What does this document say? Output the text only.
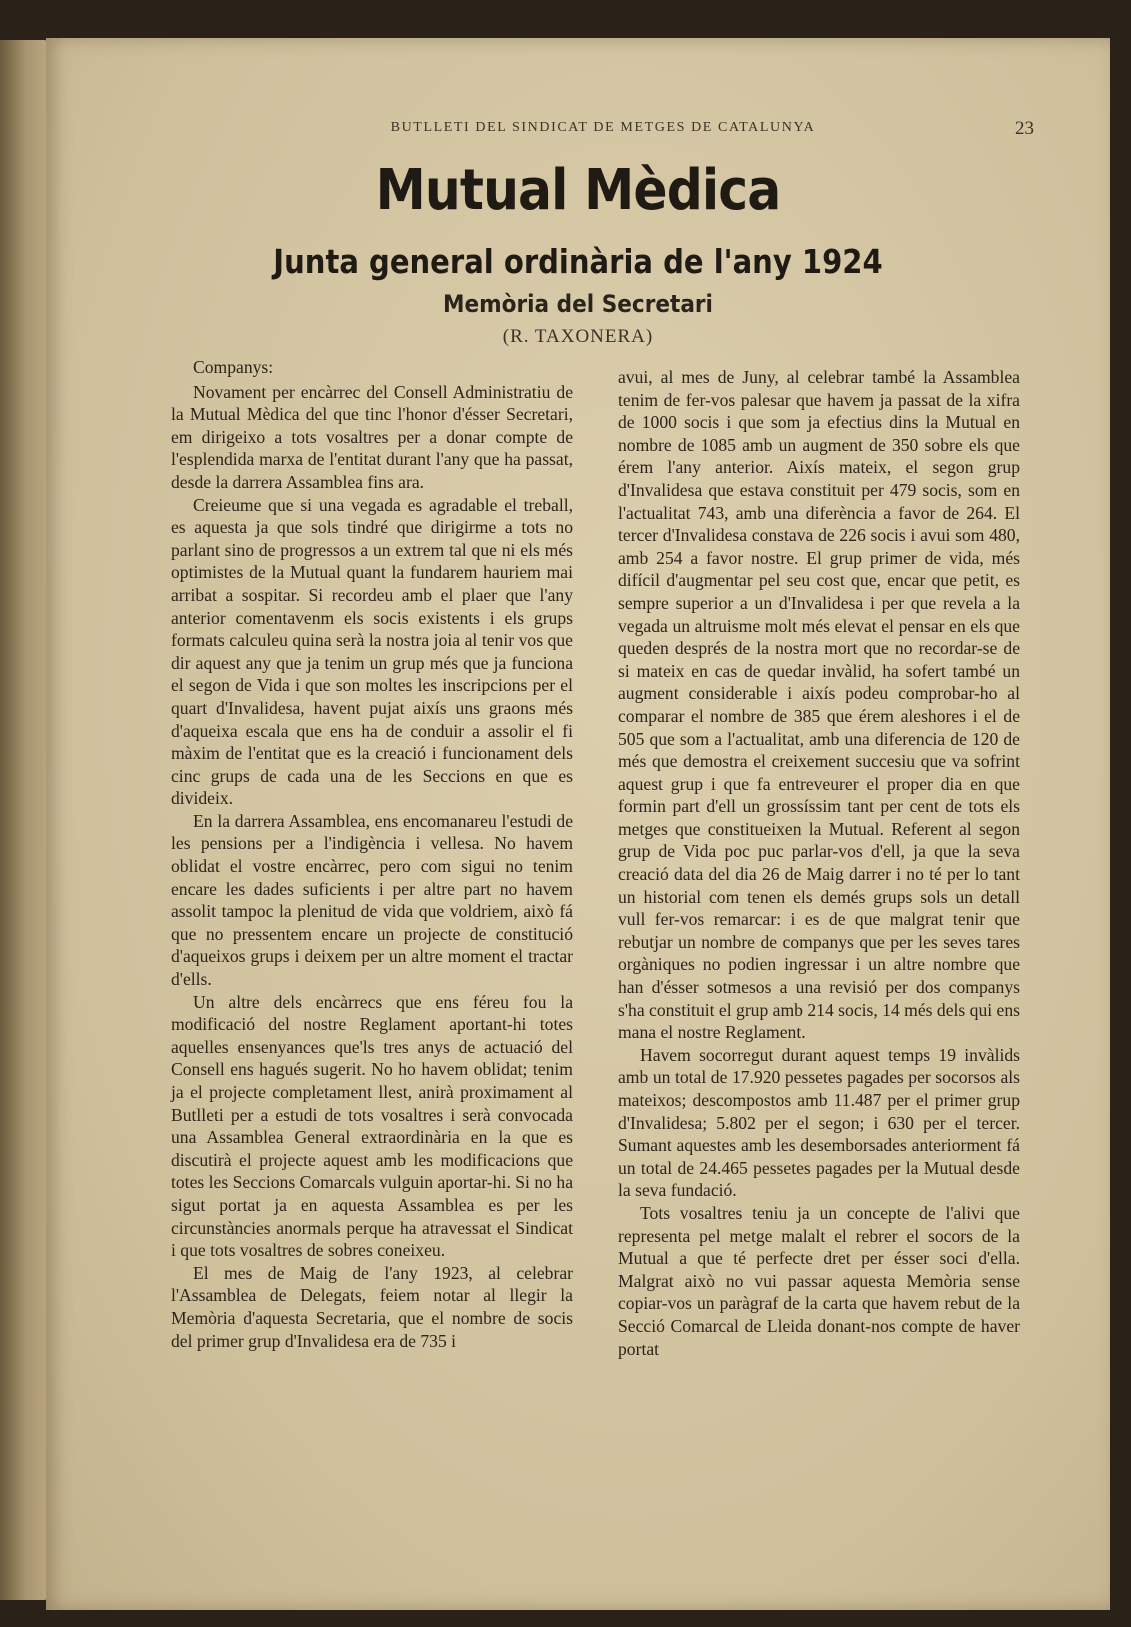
BUTLLETI DEL SINDICAT DE METGES DE CATALUNYA	23
Mutual Mèdica
Junta general ordinària de l'any 1924
Memòria del Secretari
(R. TAXONERA)

Companys:

Novament per encàrrec del Consell Administratiu de la Mutual Mèdica del que tinc l'honor d'ésser Secretari, em dirigeixo a tots vosaltres per a donar compte de l'esplendida marxa de l'entitat durant l'any que ha passat, desde la darrera Assamblea fins ara.

Creieume que si una vegada es agradable el treball, es aquesta ja que sols tindré que dirigirme a tots no parlant sino de progressos a un extrem tal que ni els més optimistes de la Mutual quant la fundarem hauriem mai arribat a sospitar. Si recordeu amb el plaer que l'any anterior comentavenm els socis existents i els grups formats calculeu quina serà la nostra joia al tenir vos que dir aquest any que ja tenim un grup més que ja funciona el segon de Vida i que son moltes les inscripcions per el quart d'Invalidesa, havent pujat aixís uns graons més d'aqueixa escala que ens ha de conduir a assolir el fi màxim de l'entitat que es la creació i funcionament dels cinc grups de cada una de les Seccions en que es divideix.

En la darrera Assamblea, ens encomanareu l'estudi de les pensions per a l'indigència i vellesa. No havem oblidat el vostre encàrrec, pero com sigui no tenim encare les dades suficients i per altre part no havem assolit tampoc la plenitud de vida que voldriem, això fá que no pressentem encare un projecte de constitució d'aqueixos grups i deixem per un altre moment el tractar d'ells.

Un altre dels encàrrecs que ens féreu fou la modificació del nostre Reglament aportant-hi totes aquelles ensenyances que'ls tres anys de actuació del Consell ens hagués sugerit. No ho havem oblidat; tenim ja el projecte completament llest, anirà proximament al Butlleti per a estudi de tots vosaltres i serà convocada una Assamblea General extraordinària en la que es discutirà el projecte aquest amb les modificacions que totes les Seccions Comarcals vulguin aportar-hi. Si no ha sigut portat ja en aquesta Assamblea es per les circunstàncies anormals perque ha atravessat el Sindicat i que tots vosaltres de sobres coneixeu.

El mes de Maig de l'any 1923, al celebrar l'Assamblea de Delegats, feiem notar al llegir la Memòria d'aquesta Secretaria, que el nombre de socis del primer grup d'Invalidesa era de 735 i

avui, al mes de Juny, al celebrar també la Assamblea tenim de fer-vos palesar que havem ja passat de la xifra de 1000 socis i que som ja efectius dins la Mutual en nombre de 1085 amb un augment de 350 sobre els que érem l'any anterior. Aixís mateix, el segon grup d'Invalidesa que estava constituit per 479 socis, som en l'actualitat 743, amb una diferència a favor de 264. El tercer d'Invalidesa constava de 226 socis i avui som 480, amb 254 a favor nostre. El grup primer de vida, més difícil d'augmentar pel seu cost que, encar que petit, es sempre superior a un d'Invalidesa i per que revela a la vegada un altruisme molt més elevat el pensar en els que queden després de la nostra mort que no recordar-se de si mateix en cas de quedar invàlid, ha sofert també un augment considerable i aixís podeu comprobar-ho al comparar el nombre de 385 que érem aleshores i el de 505 que som a l'actualitat, amb una diferencia de 120 de més que demostra el creixement succesiu que va sofrint aquest grup i que fa entreveurer el proper dia en que formin part d'ell un grossíssim tant per cent de tots els metges que constitueixen la Mutual. Referent al segon grup de Vida poc puc parlar-vos d'ell, ja que la seva creació data del dia 26 de Maig darrer i no té per lo tant un historial com tenen els demés grups sols un detall vull fer-vos remarcar: i es de que malgrat tenir que rebutjar un nombre de companys que per les seves tares orgàniques no podien ingressar i un altre nombre que han d'ésser sotmesos a una revisió per dos companys s'ha constituit el grup amb 214 socis, 14 més dels qui ens mana el nostre Reglament.

Havem socorregut durant aquest temps 19 invàlids amb un total de 17.920 pessetes pagades per socorsos als mateixos; descompostos amb 11.487 per el primer grup d'Invalidesa; 5.802 per el segon; i 630 per el tercer. Sumant aquestes amb les desemborsades anteriorment fá un total de 24.465 pessetes pagades per la Mutual desde la seva fundació.

Tots vosaltres teniu ja un concepte de l'alivi que representa pel metge malalt el rebrer el socors de la Mutual a que té perfecte dret per ésser soci d'ella. Malgrat això no vui passar aquesta Memòria sense copiar-vos un paràgraf de la carta que havem rebut de la Secció Comarcal de Lleida donant-nos compte de haver portat
